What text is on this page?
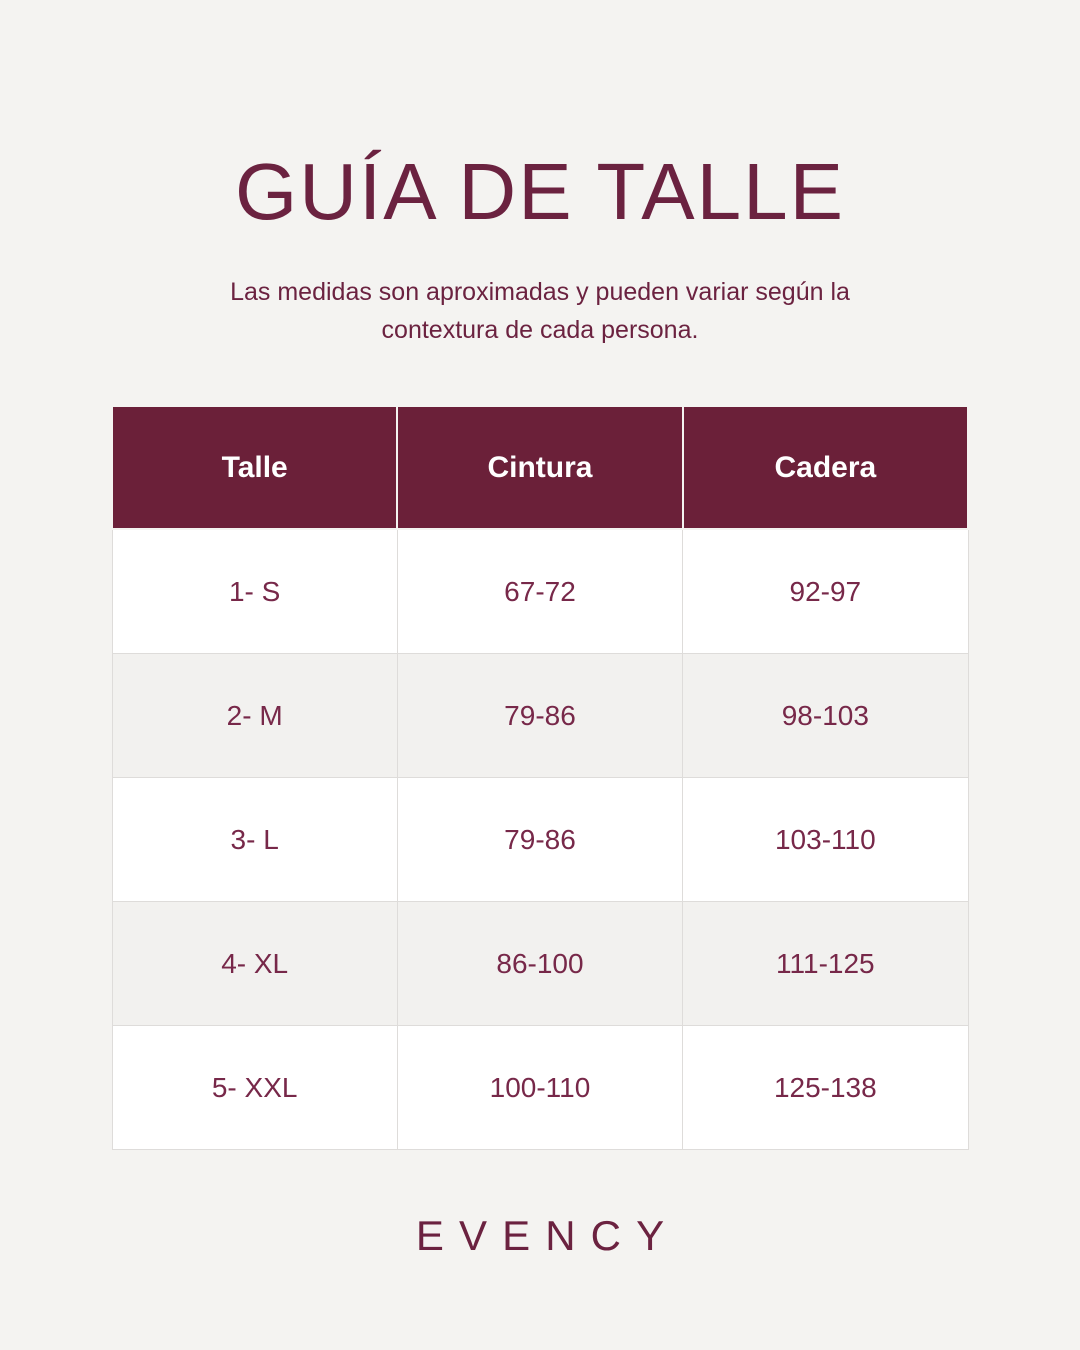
GUÍA DE TALLE

Las medidas son aproximadas y pueden variar según la contextura de cada persona.

Talle	Cintura	Cadera
1- S	67-72	92-97
2- M	79-86	98-103
3- L	79-86	103-110
4- XL	86-100	111-125
5- XXL	100-110	125-138
EVENCY
